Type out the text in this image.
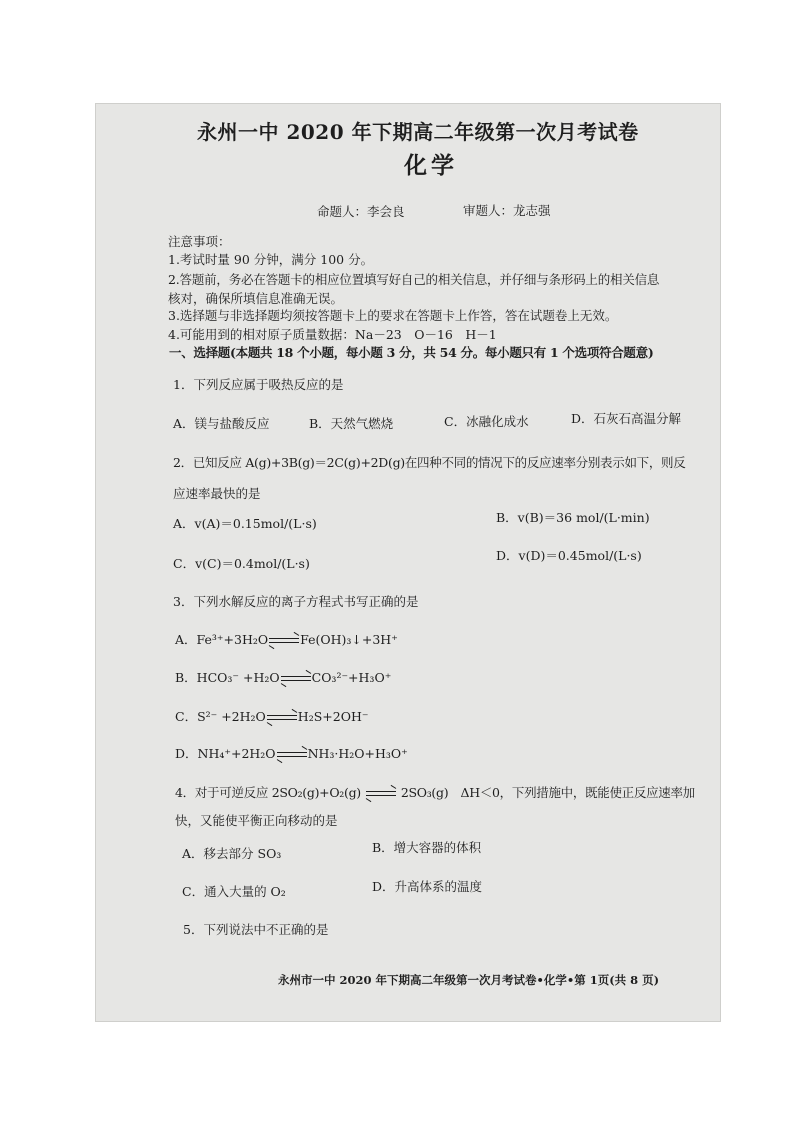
永州一中 2020 年下期高二年级第一次月考试卷
化学
命题人：李会良	审题人：龙志强
注意事项：
1.考试时量 90 分钟，满分 100 分。
2.答题前，务必在答题卡的相应位置填写好自己的相关信息，并仔细与条形码上的相关信息
核对，确保所填信息准确无误。
3.选择题与非选择题均须按答题卡上的要求在答题卡上作答，答在试题卷上无效。
4.可能用到的相对原子质量数据：Na－23　O－16　H－1
一、选择题(本题共 18 个小题，每小题 3 分，共 54 分。每小题只有 1 个选项符合题意)
1．下列反应属于吸热反应的是
A．镁与盐酸反应	B．天然气燃烧	C．冰融化成水	D．石灰石高温分解
2．已知反应 A(g)+3B(g)＝2C(g)+2D(g)在四种不同的情况下的反应速率分别表示如下，则反
应速率最快的是
A．v(A)＝0.15mol/(L·s)	B．v(B)＝36 mol/(L·min)
C．v(C)＝0.4mol/(L·s)
D．v(D)＝0.45mol/(L·s)
3．下列水解反应的离子方程式书写正确的是
A．Fe³⁺+3H₂O	Fe(OH)₃↓+3H⁺
B．HCO₃⁻ +H₂O	CO₃²⁻+H₃O⁺
C．S²⁻ +2H₂O	H₂S+2OH⁻
D．NH₄⁺+2H₂O	NH₃·H₂O+H₃O⁺
4．对于可逆反应 2SO₂(g)+O₂(g)	2SO₃(g)　ΔH＜0，下列措施中，既能使正反应速率加
快，又能使平衡正向移动的是
A．移去部分 SO₃	B．增大容器的体积
C．通入大量的 O₂	D．升高体系的温度
5．下列说法中不正确的是
永州市一中 2020 年下期高二年级第一次月考试卷•化学•第 1页(共 8 页)
